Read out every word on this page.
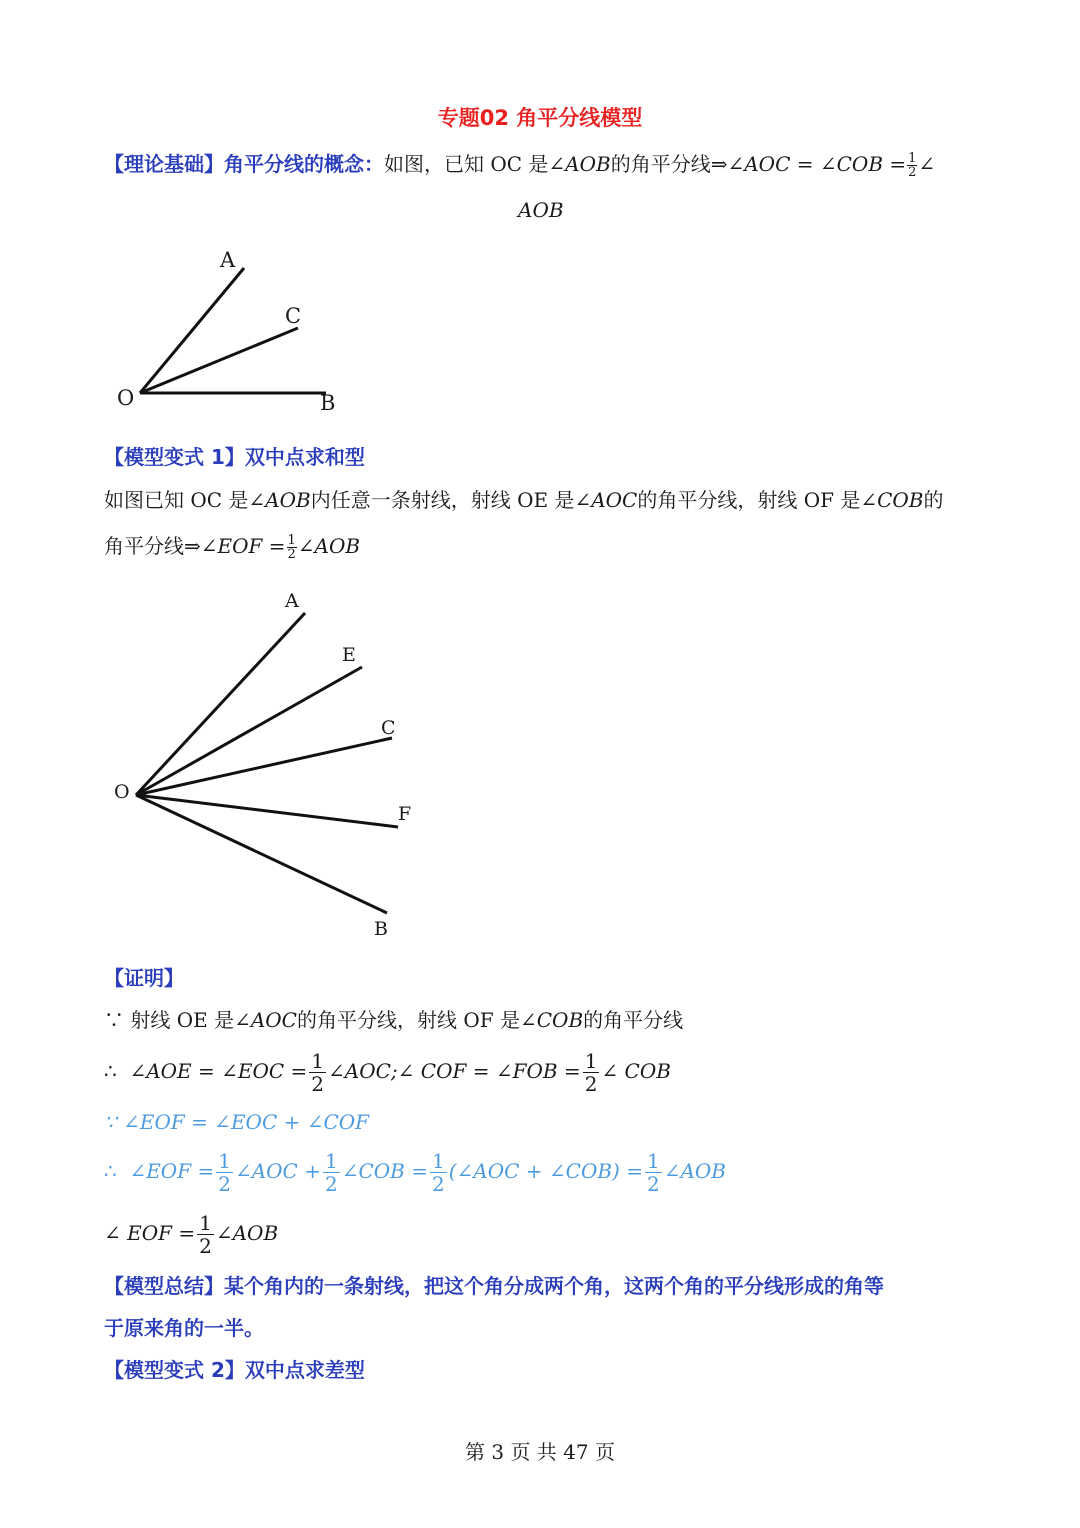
专题02 角平分线模型
【理论基础】角平分线的概念：如图，已知 OC 是∠AOB的角平分线⇒∠AOC = ∠COB = $\frac{1}{2}$ ∠
AOB
A
C
O	B
【模型变式 1】双中点求和型
如图已知 OC 是∠AOB内任意一条射线，射线 OE 是∠AOC的角平分线，射线 OF 是∠COB的
角平分线⇒∠EOF = $\frac{1}{2}$ ∠AOB
A
E
C
O
F
B
【证明】
∵ 射线 OE 是∠AOC的角平分线，射线 OF 是∠COB的角平分线
∴ ∠AOE = ∠EOC = $\frac{1}{2}$ ∠AOC;∠ COF = ∠FOB = $\frac{1}{2}$ ∠ COB
∵ ∠EOF = ∠EOC + ∠COF
∴ ∠EOF = $\frac{1}{2}$ ∠AOC + $\frac{1}{2}$ ∠COB = $\frac{1}{2}$ (∠AOC + ∠COB) = $\frac{1}{2}$ ∠AOB
∠ EOF = $\frac{1}{2}$ ∠AOB
【模型总结】某个角内的一条射线，把这个角分成两个角，这两个角的平分线形成的角等
于原来角的一半。
【模型变式 2】双中点求差型
第 3 页 共 47 页
